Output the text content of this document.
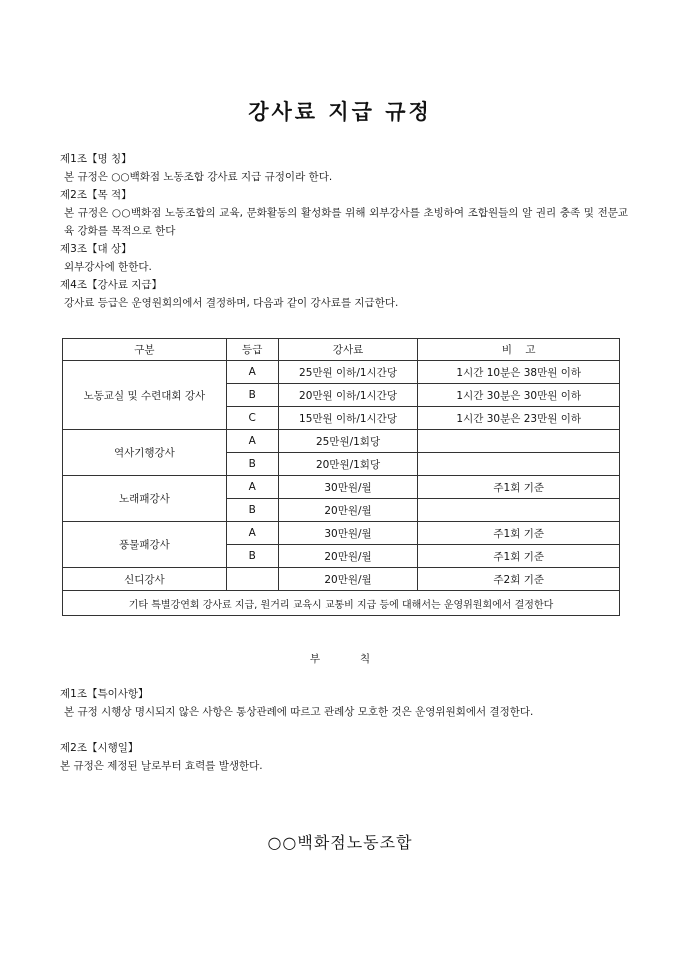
강사료 지급 규정

제1조【명 칭】

본 규정은 ○○백화점 노동조합 강사료 지급 규정이라 한다.

제2조【목 적】

본 규정은 ○○백화점 노동조합의 교육, 문화활동의 활성화를 위해 외부강사를 초빙하여 조합원들의 알 권리 충족 및 전문교육 강화를 목적으로 한다

제3조【대 상】

외부강사에 한한다.

제4조【강사료 지급】

강사료 등급은 운영원회의에서 결정하며, 다음과 같이 강사료를 지급한다.

구분	등급	강사료	비    고
노동교실 및 수련대회 강사	A	25만원 이하/1시간당	1시간 10분은 38만원 이하
	B	20만원 이하/1시간당	1시간 30분은 30만원 이하
	C	15만원 이하/1시간당	1시간 30분은 23만원 이하
역사기행강사	A	25만원/1회당	
	B	20만원/1회당	
노래패강사	A	30만원/월	주1회 기준
	B	20만원/월	
풍물패강사	A	30만원/월	주1회 기준
	B	20만원/월	주1회 기준
신디강사		20만원/월	주2회 기준
기타 특별강연회 강사료 지급, 원거리 교육시 교통비 지급 등에 대해서는 운영위원회에서 결정한다			
부	칙

제1조【특이사항】

본 규정 시행상 명시되지 않은 사항은 통상관례에 따르고 관례상 모호한 것은 운영위원회에서 결정한다.

제2조【시행일】

본 규정은 제정된 날로부터 효력를 발생한다.

○○백화점노동조합
